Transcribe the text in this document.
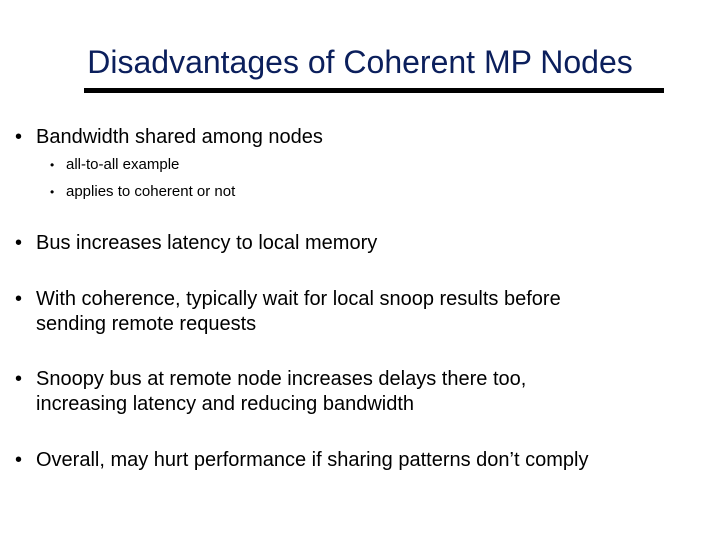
Disadvantages of Coherent MP Nodes
• Bandwidth shared among nodes
• all-to-all example
• applies to coherent or not
• Bus increases latency to local memory
• With coherence, typically wait for local snoop results before
sending remote requests
• Snoopy bus at remote node increases delays there too,
increasing latency and reducing bandwidth
• Overall, may hurt performance if sharing patterns don’t comply
